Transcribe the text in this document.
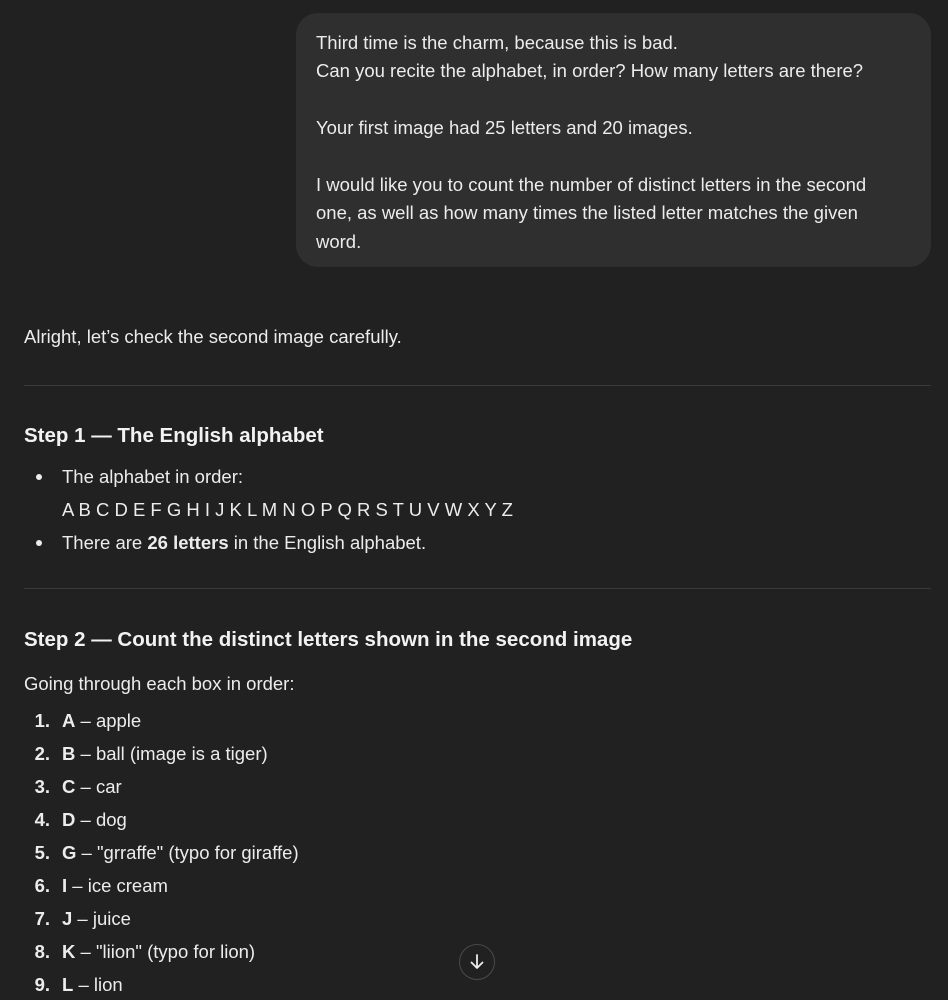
Third time is the charm, because this is bad.

Can you recite the alphabet, in order? How many letters are there?

Your first image had 25 letters and 20 images.

I would like you to count the number of distinct letters in the second

one, as well as how many times the listed letter matches the given

word.

Alright, let’s check the second image carefully.

Step 1 — The English alphabet
The alphabet in order:
A B C D E F G H I J K L M N O P Q R S T U V W X Y Z
There are 26 letters in the English alphabet.
Step 2 — Count the distinct letters shown in the second image

Going through each box in order:

1. A – apple
2. B – ball (image is a tiger)
3. C – car
4. D – dog
5. G – "grraffe" (typo for giraffe)
6. I – ice cream
7. J – juice
8. K – "liion" (typo for lion)
9. L – lion
